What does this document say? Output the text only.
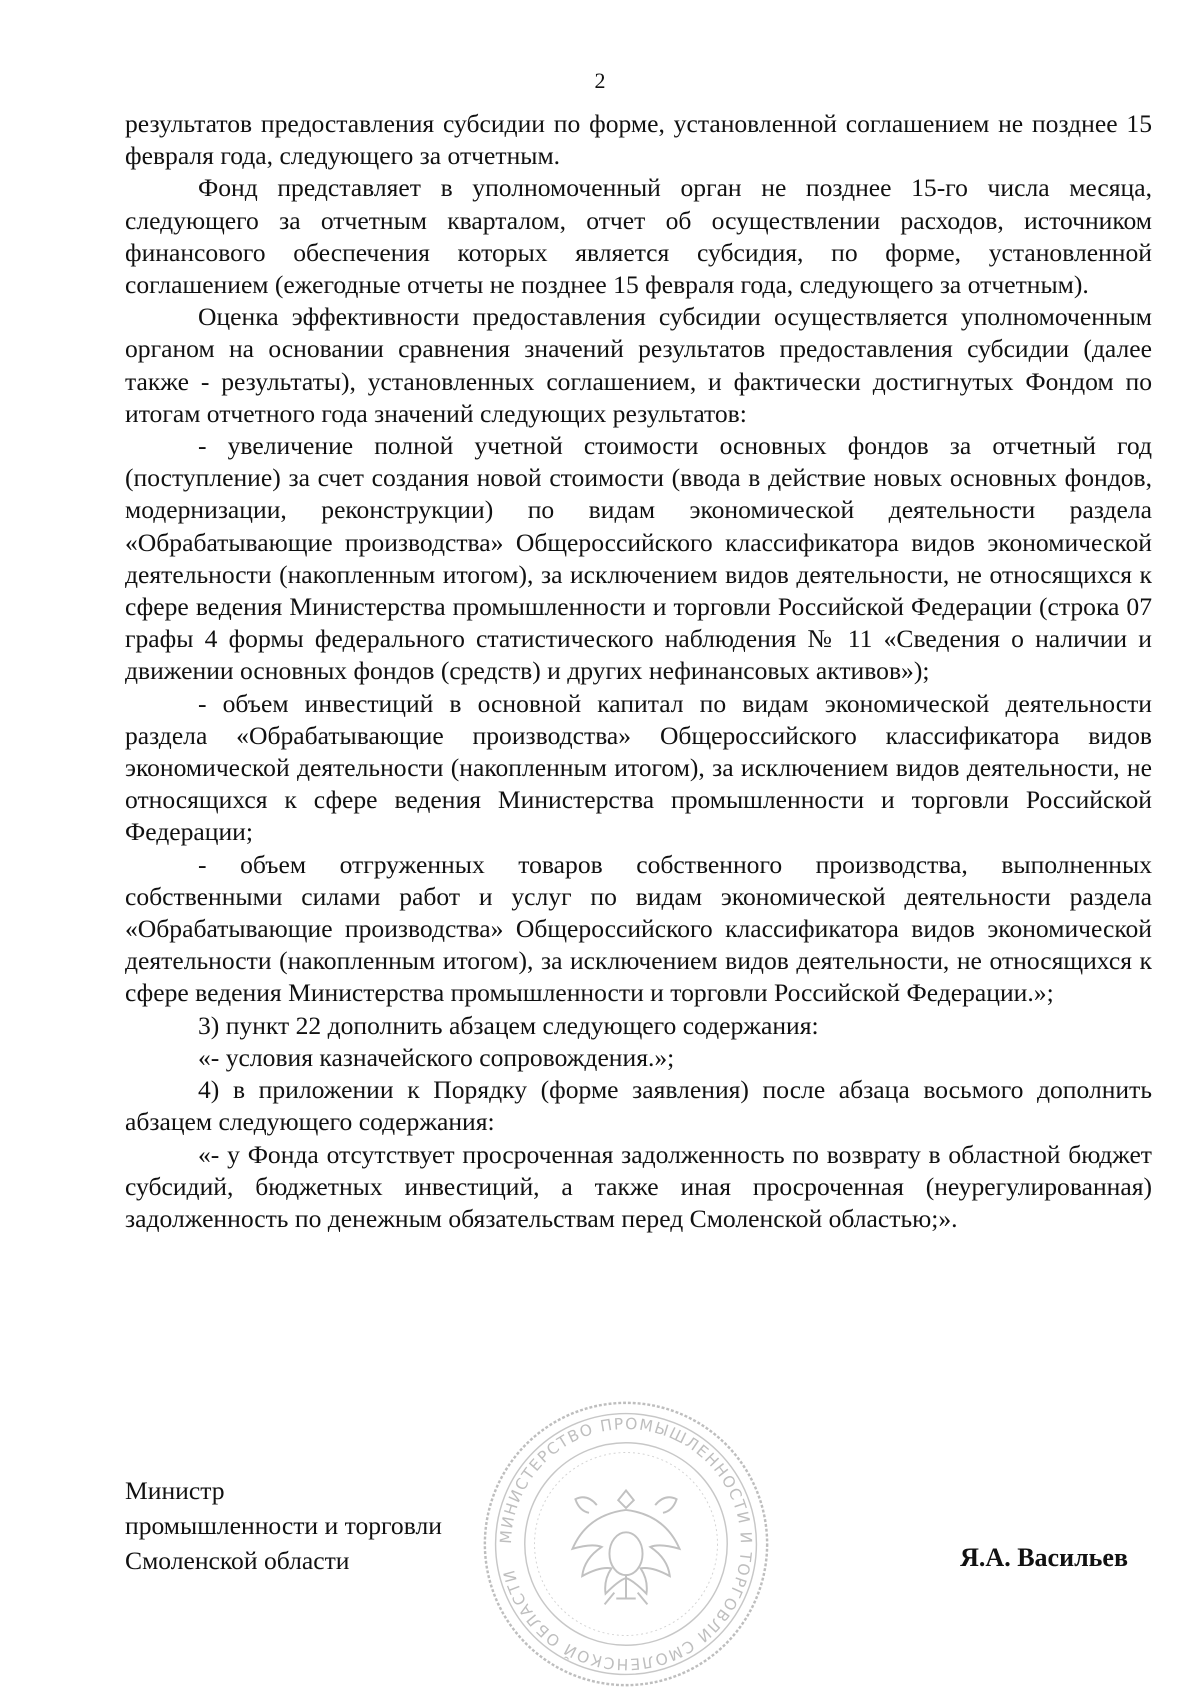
2

результатов предоставления субсидии по форме, установленной соглашением не позднее 15 февраля года, следующего за отчетным.

Фонд представляет в уполномоченный орган не позднее 15-го числа месяца, следующего за отчетным кварталом, отчет об осуществлении расходов, источником финансового обеспечения которых является субсидия, по форме, установленной соглашением (ежегодные отчеты не позднее 15 февраля года, следующего за отчетным).

Оценка эффективности предоставления субсидии осуществляется уполномоченным органом на основании сравнения значений результатов предоставления субсидии (далее также - результаты), установленных соглашением, и фактически достигнутых Фондом по итогам отчетного года значений следующих результатов:

- увеличение полной учетной стоимости основных фондов за отчетный год (поступление) за счет создания новой стоимости (ввода в действие новых основных фондов, модернизации, реконструкции) по видам экономической деятельности раздела «Обрабатывающие производства» Общероссийского классификатора видов экономической деятельности (накопленным итогом), за исключением видов деятельности, не относящихся к сфере ведения Министерства промышленности и торговли Российской Федерации (строка 07 графы 4 формы федерального статистического наблюдения № 11 «Сведения о наличии и движении основных фондов (средств) и других нефинансовых активов»);

- объем инвестиций в основной капитал по видам экономической деятельности раздела «Обрабатывающие производства» Общероссийского классификатора видов экономической деятельности (накопленным итогом), за исключением видов деятельности, не относящихся к сфере ведения Министерства промышленности и торговли Российской Федерации;

- объем отгруженных товаров собственного производства, выполненных собственными силами работ и услуг по видам экономической деятельности раздела «Обрабатывающие производства» Общероссийского классификатора видов экономической деятельности (накопленным итогом), за исключением видов деятельности, не относящихся к сфере ведения Министерства промышленности и торговли Российской Федерации.»;

3) пункт 22 дополнить абзацем следующего содержания:

«- условия казначейского сопровождения.»;

4) в приложении к Порядку (форме заявления) после абзаца восьмого дополнить абзацем следующего содержания:

«- у Фонда отсутствует просроченная задолженность по возврату в областной бюджет субсидий, бюджетных инвестиций, а также иная просроченная (неурегулированная) задолженность по денежным обязательствам перед Смоленской областью;».

МИНИСТЕРСТВО ПРОМЫШЛЕННОСТИ И ТОРГОВЛИ СМОЛЕНСКОЙ ОБЛАСТИ
Министр
промышленности и торговли
Смоленской области	Я.А. Васильев
